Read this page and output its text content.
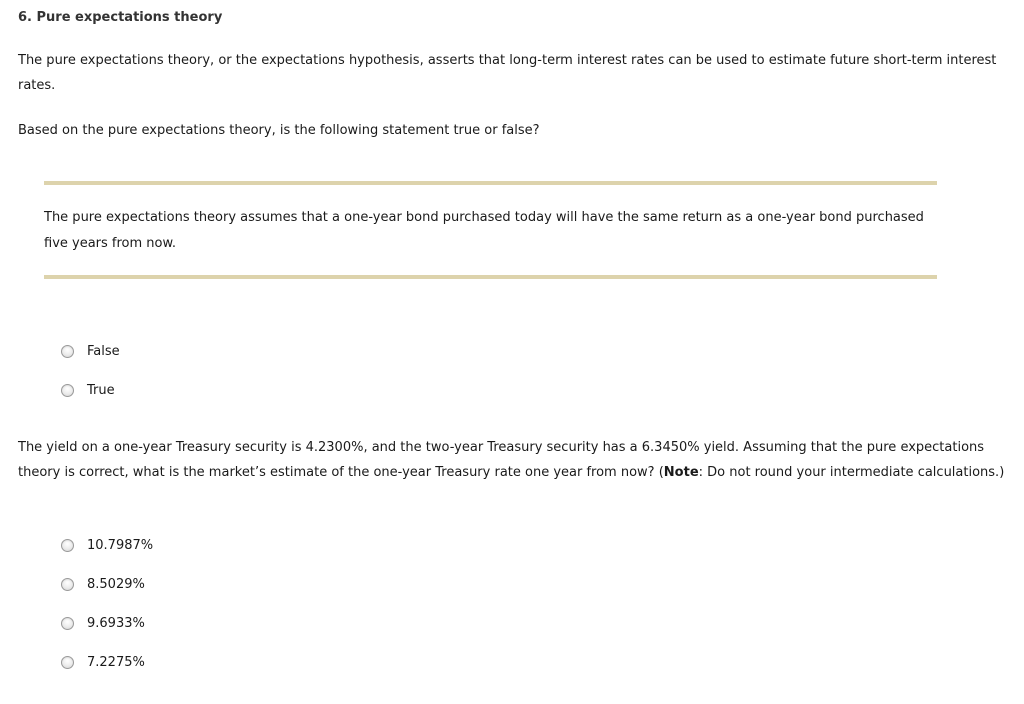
6. Pure expectations theory
The pure expectations theory, or the expectations hypothesis, asserts that long-term interest rates can be used to estimate future short-term interest rates.
Based on the pure expectations theory, is the following statement true or false?
The pure expectations theory assumes that a one-year bond purchased today will have the same return as a one-year bond purchased five years from now.
False
True
The yield on a one-year Treasury security is 4.2300%, and the two-year Treasury security has a 6.3450% yield. Assuming that the pure expectations theory is correct, what is the market’s estimate of the one-year Treasury rate one year from now? (Note: Do not round your intermediate calculations.)
10.7987%
8.5029%
9.6933%
7.2275%
